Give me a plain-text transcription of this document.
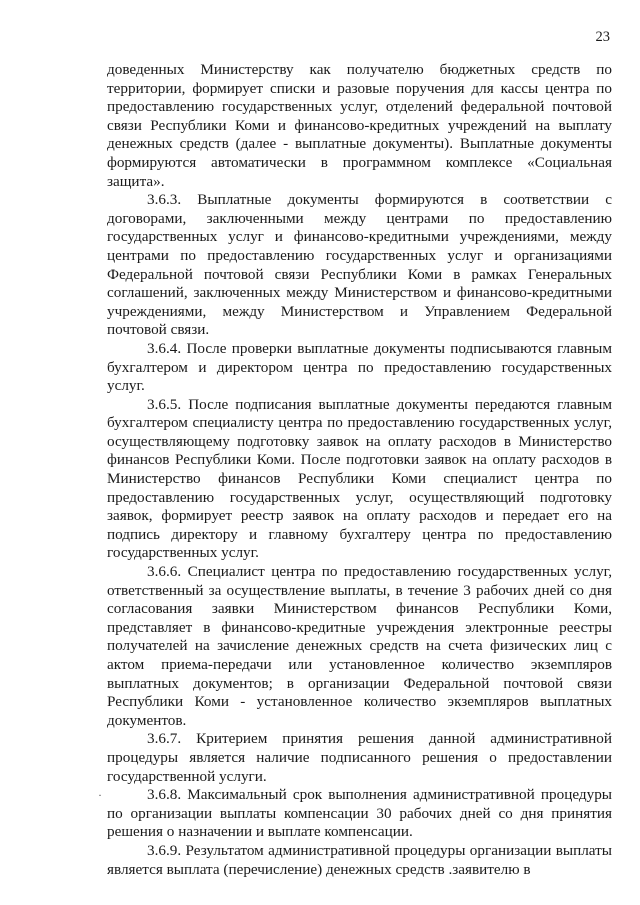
23

доведенных Министерству как получателю бюджетных средств по территории, формирует списки и разовые поручения для кассы центра по предоставлению государственных услуг, отделений федеральной почтовой связи Республики Коми и финансово-кредитных учреждений на выплату денежных средств (далее - выплатные документы). Выплатные документы формируются автоматически в программном комплексе «Социальная защита».

3.6.3. Выплатные документы формируются в соответствии с договорами, заключенными между центрами по предоставлению государственных услуг и финансово-кредитными учреждениями, между центрами по предоставлению государственных услуг и организациями Федеральной почтовой связи Республики Коми в рамках Генеральных соглашений, заключенных между Министерством и финансово-кредитными учреждениями, между Министерством и Управлением Федеральной почтовой связи.

3.6.4. После проверки выплатные документы подписываются главным бухгалтером и директором центра по предоставлению государственных услуг.

3.6.5. После подписания выплатные документы передаются главным бухгалтером специалисту центра по предоставлению государственных услуг, осуществляющему подготовку заявок на оплату расходов в Министерство финансов Республики Коми. После подготовки заявок на оплату расходов в Министерство финансов Республики Коми специалист центра по предоставлению государственных услуг, осуществляющий подготовку заявок, формирует реестр заявок на оплату расходов и передает его на подпись директору и главному бухгалтеру центра по предоставлению государственных услуг.

3.6.6. Специалист центра по предоставлению государственных услуг, ответственный за осуществление выплаты, в течение 3 рабочих дней со дня согласования заявки Министерством финансов Республики Коми, представляет в финансово-кредитные учреждения электронные реестры получателей на зачисление денежных средств на счета физических лиц с актом приема-передачи или установленное количество экземпляров выплатных документов; в организации Федеральной почтовой связи Республики Коми - установленное количество экземпляров выплатных документов.

3.6.7. Критерием принятия решения данной административной процедуры является наличие подписанного решения о предоставлении государственной услуги.

3.6.8. Максимальный срок выполнения административной процедуры по организации выплаты компенсации 30 рабочих дней со дня принятия решения о назначении и выплате компенсации.

3.6.9. Результатом административной процедуры организации выплаты является выплата (перечисление) денежных средств .заявителю в

·
